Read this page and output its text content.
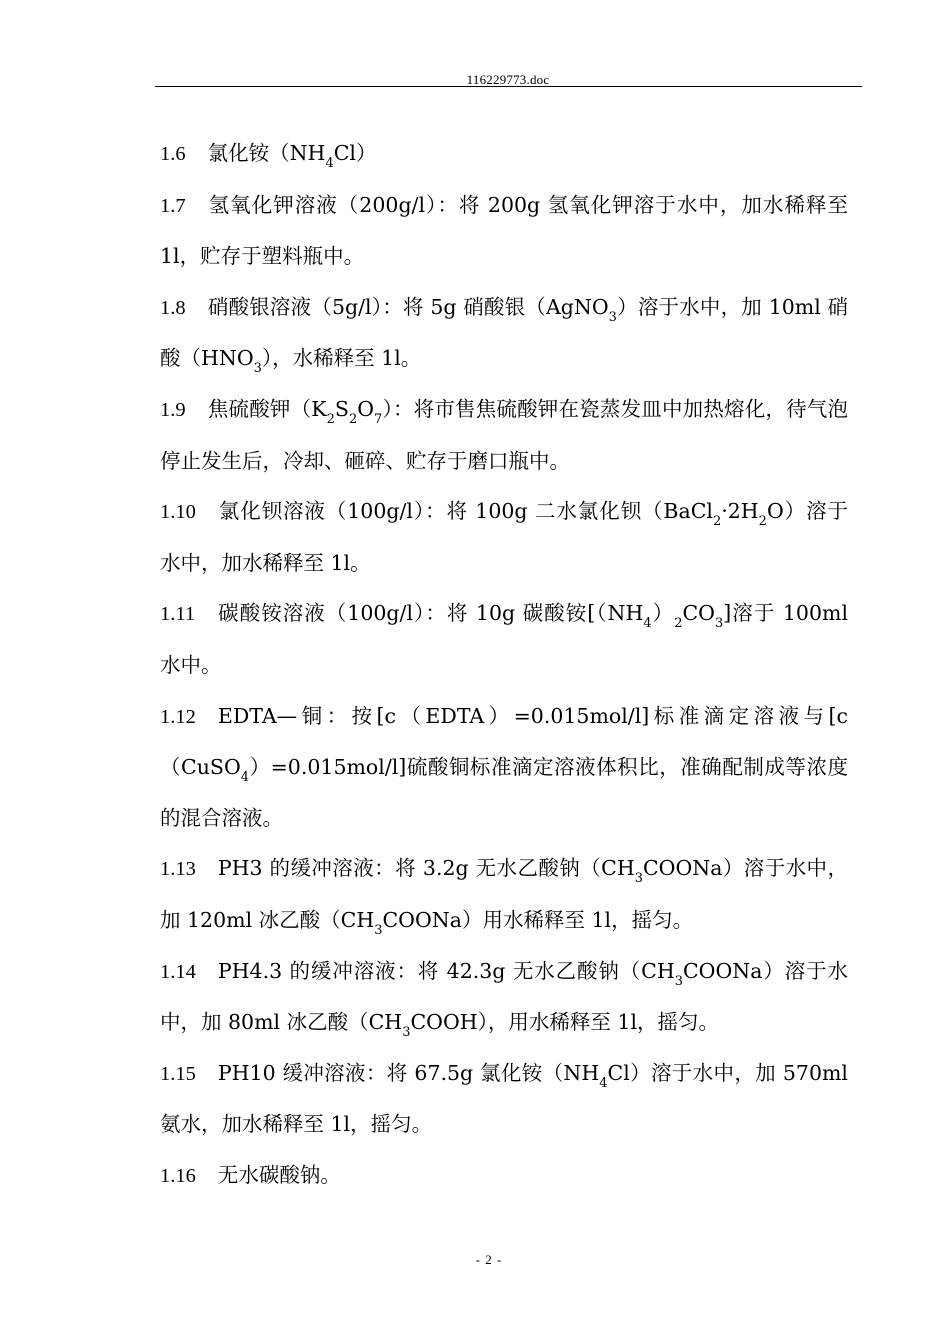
116229773.doc

1.6 氯化铵$(NH_4Cl)$

1.7 氢氧化钾溶液（200g/l）：将 200g 氢氧化钾溶于水中，加水稀释至 1l，贮存于塑料瓶中。

1.8 硝酸银溶液（5g/l）：将 5g 硝酸银（AgNO$_3$）溶于水中，加 10ml 硝酸$(HNO_3)$，水稀释至 1l。

1.9 焦硫酸钾$(K_2S_2O_7)$：将市售焦硫酸钾在瓷蒸发皿中加热熔化，待气泡停止发生后，冷却、砸碎、贮存于磨口瓶中。

1.10 氯化钡溶液（100g/l）：将 100g 二水氯化钡$(BaCl_2\cdot 2H_2O)$溶于水中，加水稀释至 1l。

1.11 碳酸铵溶液（100g/l）：将 10g 碳酸铵$[(NH_4)_2CO_3]$溶于 100ml 水中。

1.12 EDTA—铜：按[c（EDTA）=0.015mol/l]标准滴定溶液与[c（CuSO$_4$）=0.015mol/l]硫酸铜标准滴定溶液体积比，准确配制成等浓度的混合溶液。

1.13 PH3 的缓冲溶液：将 3.2g 无水乙酸钠$(CH_3COONa)$溶于水中，加 120ml 冰乙酸$(CH_3COONa)$用水稀释至 1l，摇匀。

1.14 PH4.3 的缓冲溶液：将 42.3g 无水乙酸钠$(CH_3COONa)$溶于水中，加 80ml 冰乙酸$(CH_3COOH)$，用水稀释至 1l，摇匀。

1.15 PH10 缓冲溶液：将 67.5g 氯化铵$(NH_4Cl)$溶于水中，加 570ml 氨水，加水稀释至 1l，摇匀。

1.16 无水碳酸钠。

- 2 -
